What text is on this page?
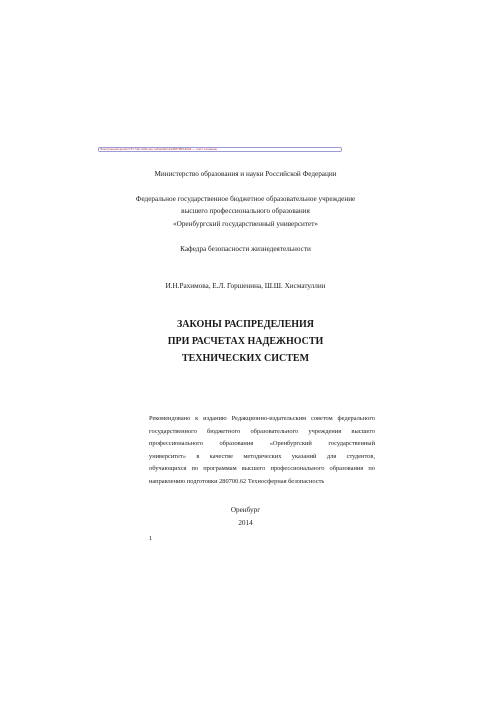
Электронный архив ОГУ http://elib.osu.ru/handle/123456789/14044 — текст сохранен
Министерство образования и науки Российской Федерации
Федеральное государственное бюджетное образовательное учреждение
высшего профессионального образования
«Оренбургский государственный университет»
Кафедра безопасности жизнедеятельности
И.Н.Рахимова, Е.Л. Горшенина, Ш.Ш. Хисматуллин
ЗАКОНЫ РАСПРЕДЕЛЕНИЯ
ПРИ РАСЧЕТАХ НАДЕЖНОСТИ
ТЕХНИЧЕСКИХ СИСТЕМ
Рекомендовано к изданию Редакционно-издательским советом федерального
государственного бюджетного образовательного учреждения высшего
профессионального образования «Оренбургский государственный
университет» в качестве методических указаний для студентов,
обучающихся по программам высшего профессионального образования по
направлению подготовки 280700.62 Техносферная безопасность
Оренбург
2014
1
